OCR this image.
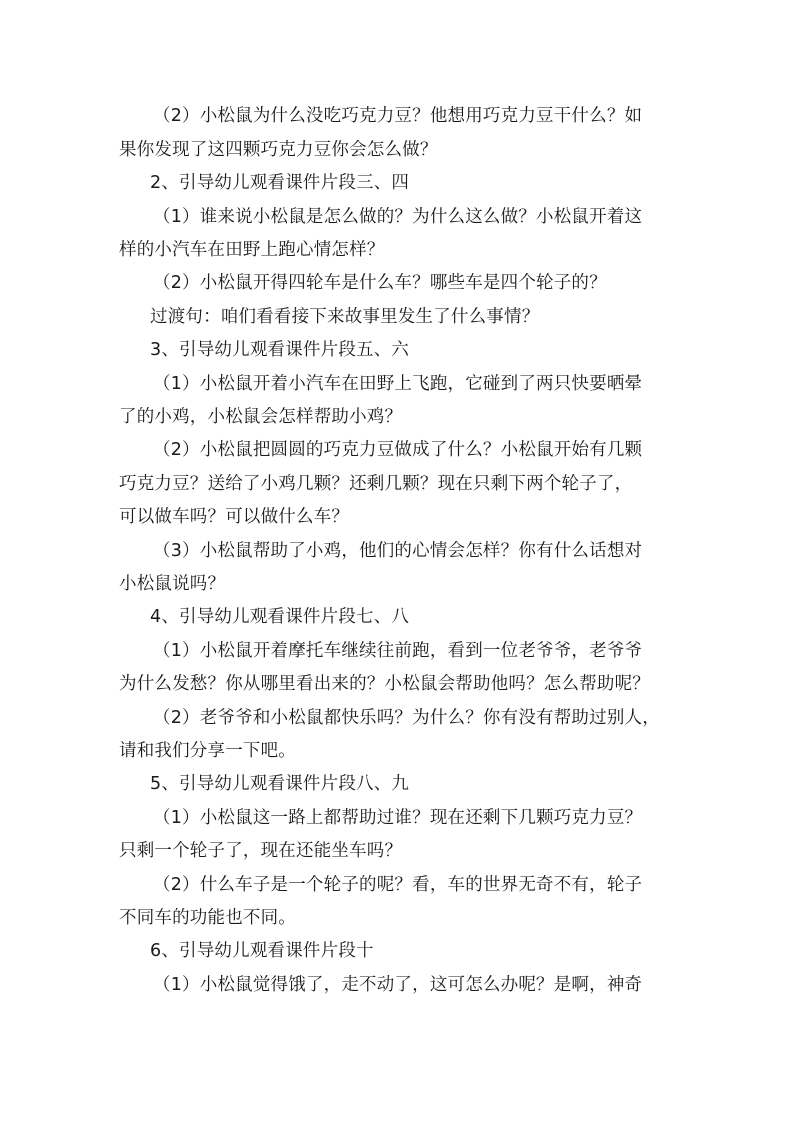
（2）小松鼠为什么没吃巧克力豆？他想用巧克力豆干什么？如
果你发现了这四颗巧克力豆你会怎么做？
2、引导幼儿观看课件片段三、四
（1）谁来说小松鼠是怎么做的？为什么这么做？小松鼠开着这
样的小汽车在田野上跑心情怎样？
（2）小松鼠开得四轮车是什么车？哪些车是四个轮子的？
过渡句：咱们看看接下来故事里发生了什么事情？
3、引导幼儿观看课件片段五、六
（1）小松鼠开着小汽车在田野上飞跑，它碰到了两只快要晒晕
了的小鸡，小松鼠会怎样帮助小鸡？
（2）小松鼠把圆圆的巧克力豆做成了什么？小松鼠开始有几颗
巧克力豆？送给了小鸡几颗？还剩几颗？现在只剩下两个轮子了，
可以做车吗？可以做什么车？
（3）小松鼠帮助了小鸡，他们的心情会怎样？你有什么话想对
小松鼠说吗？
4、引导幼儿观看课件片段七、八
（1）小松鼠开着摩托车继续往前跑，看到一位老爷爷，老爷爷
为什么发愁？你从哪里看出来的？小松鼠会帮助他吗？怎么帮助呢？
（2）老爷爷和小松鼠都快乐吗？为什么？你有没有帮助过别人，
请和我们分享一下吧。
5、引导幼儿观看课件片段八、九
（1）小松鼠这一路上都帮助过谁？现在还剩下几颗巧克力豆？
只剩一个轮子了，现在还能坐车吗？
（2）什么车子是一个轮子的呢？看，车的世界无奇不有，轮子
不同车的功能也不同。
6、引导幼儿观看课件片段十
（1）小松鼠觉得饿了，走不动了，这可怎么办呢？是啊，神奇
